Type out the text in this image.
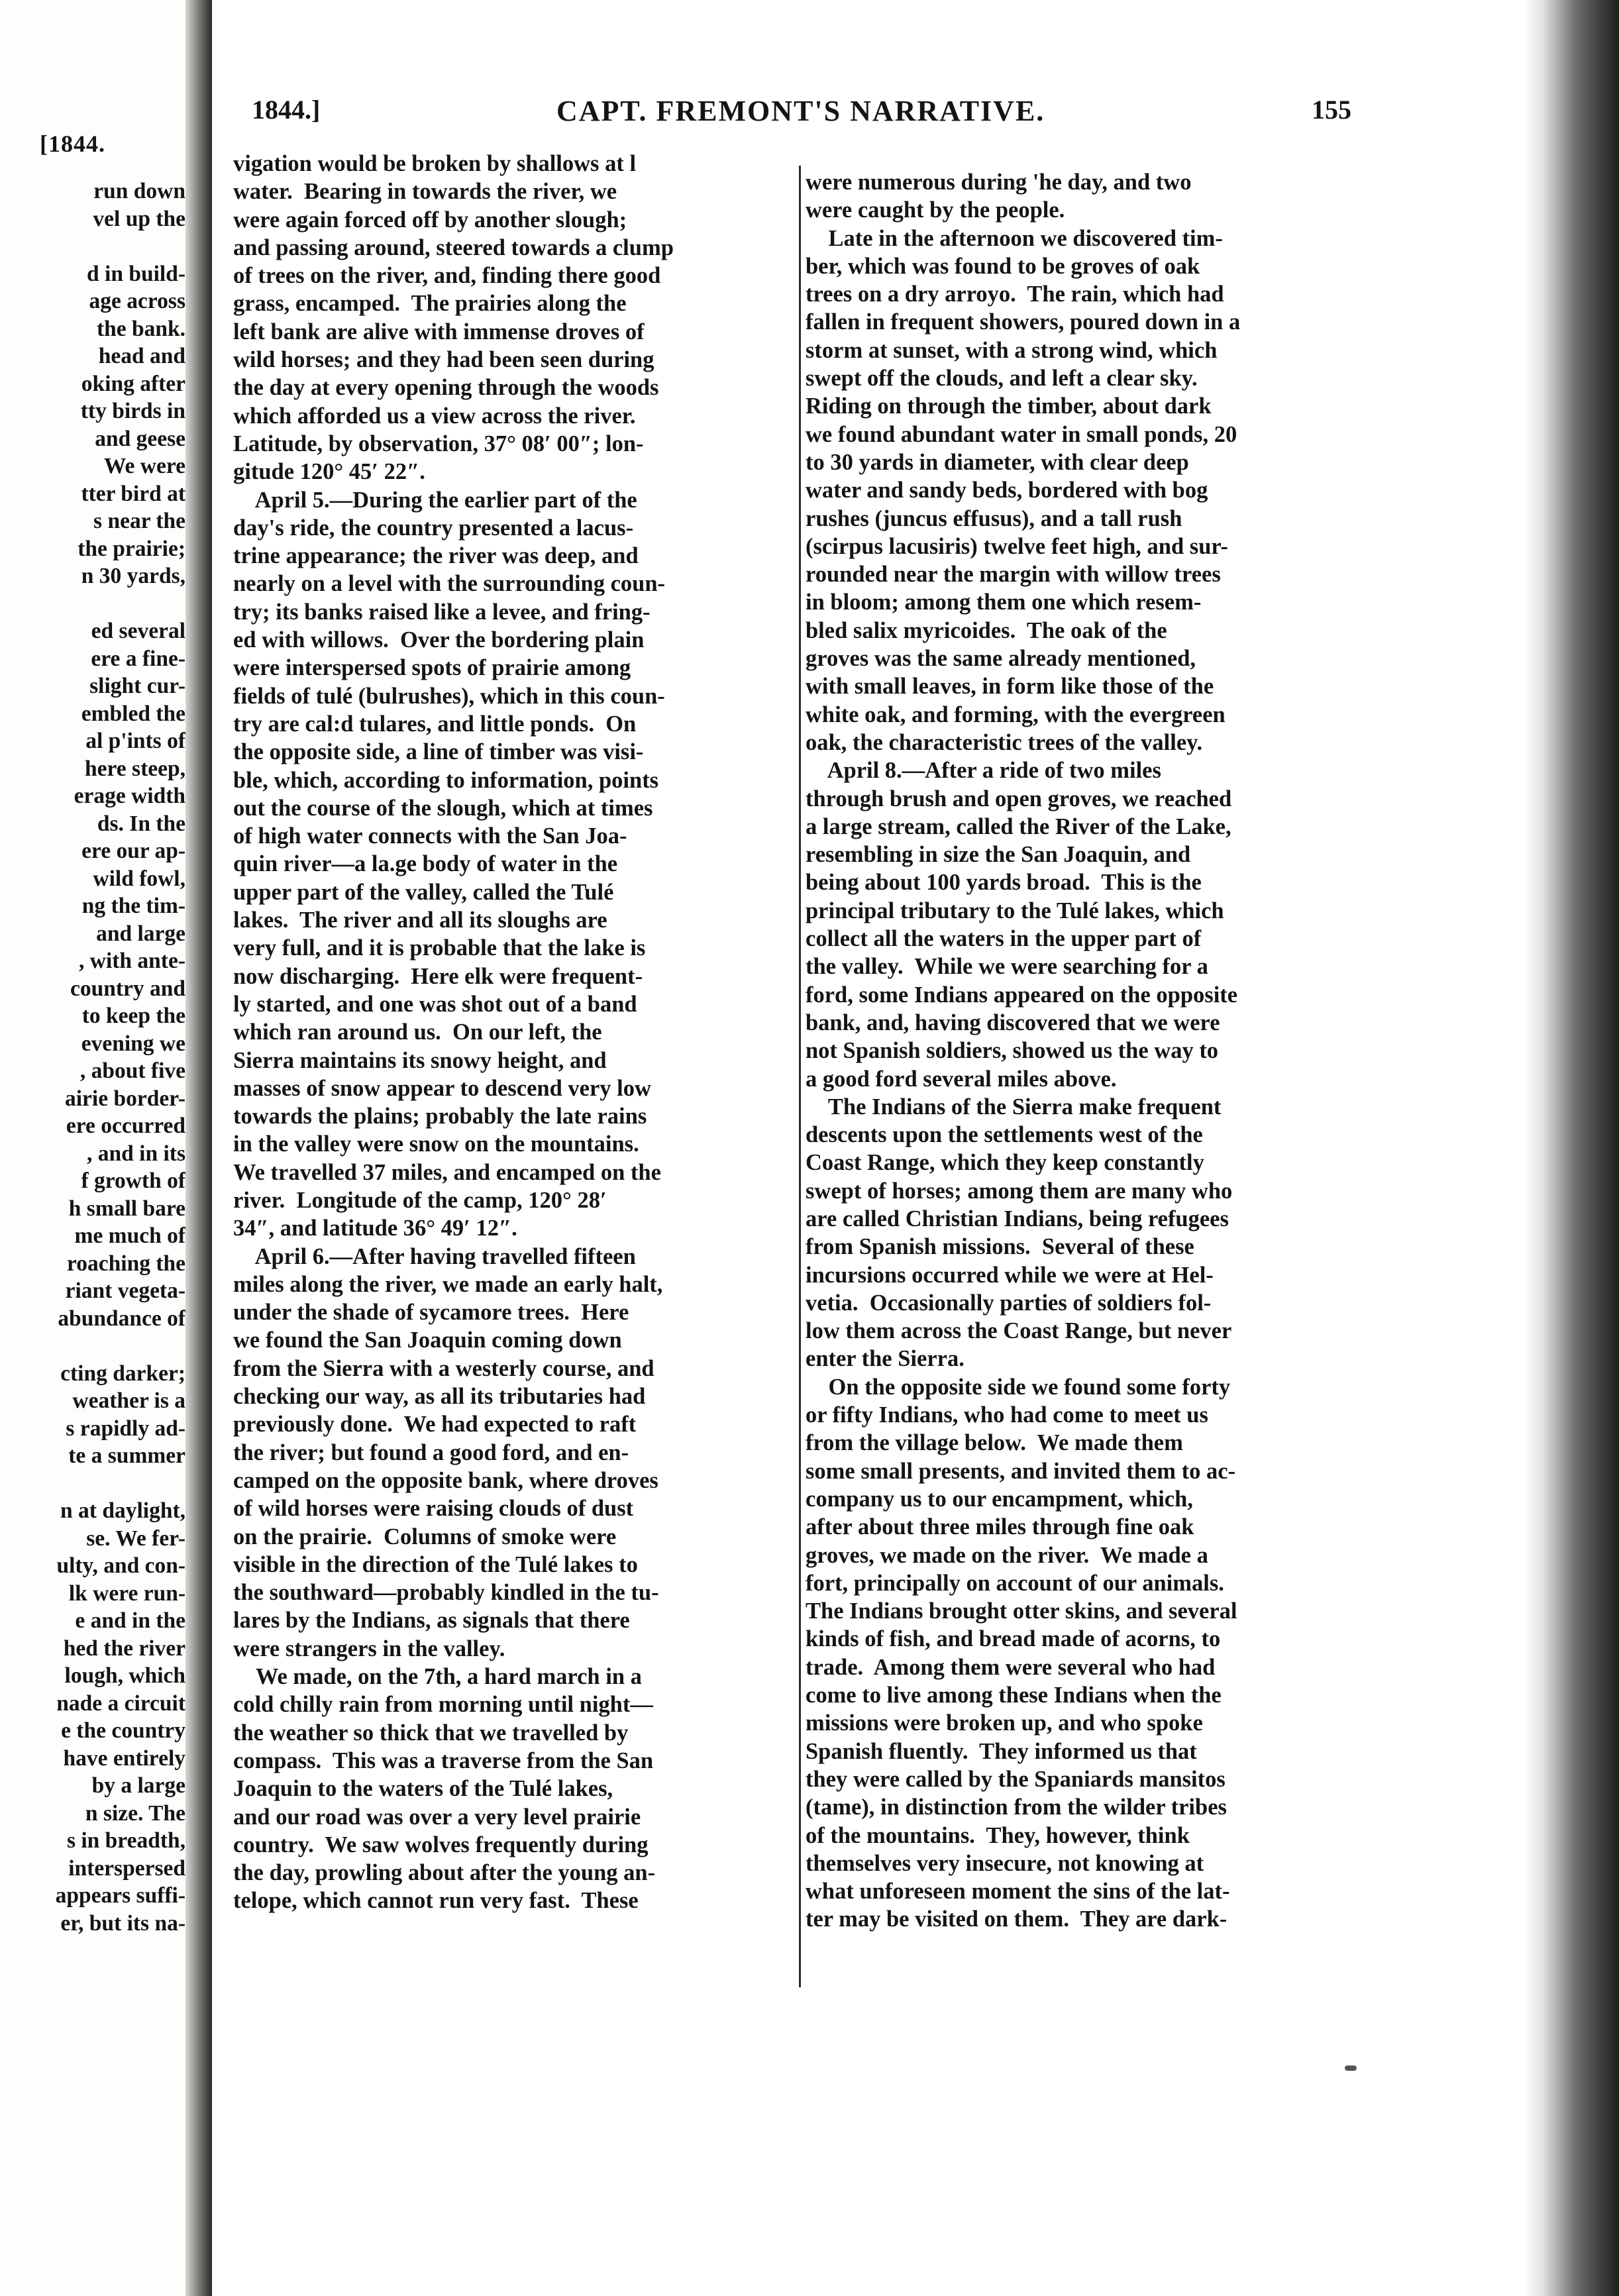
[1844.
run down
vel up the
d in build-
age across
the bank.
head and
oking after
tty birds in
and geese
We were
tter bird at
s near the
the prairie;
n 30 yards,
ed several
ere a fine-
slight cur-
embled the
al p'ints of
here steep,
erage width
ds. In the
ere our ap-
wild fowl,
ng the tim-
and large
, with ante-
country and
to keep the
evening we
, about five
airie border-
ere occurred
, and in its
f growth of
h small bare
me much of
roaching the
riant vegeta-
abundance of
cting darker;
weather is a
s rapidly ad-
te a summer
n at daylight,
se. We fer-
ulty, and con-
lk were run-
e and in the
hed the river
lough, which
nade a circuit
e the country
have entirely
by a large
n size. The
s in breadth,
interspersed
appears suffi-
er, but its na-
1844.]	CAPT. FREMONT'S NARRATIVE.	155
vigation would be broken by shallows at l
water.  Bearing in towards the river, we
were again forced off by another slough;
and passing around, steered towards a clump
of trees on the river, and, finding there good
grass, encamped.  The prairies along the
left bank are alive with immense droves of
wild horses; and they had been seen during
the day at every opening through the woods
which afforded us a view across the river.
Latitude, by observation, 37° 08′ 00″; lon-
gitude 120° 45′ 22″.
April 5.—During the earlier part of the
day's ride, the country presented a lacus-
trine appearance; the river was deep, and
nearly on a level with the surrounding coun-
try; its banks raised like a levee, and fring-
ed with willows.  Over the bordering plain
were interspersed spots of prairie among
fields of tulé (bulrushes), which in this coun-
try are cal:d tulares, and little ponds.  On
the opposite side, a line of timber was visi-
ble, which, according to information, points
out the course of the slough, which at times
of high water connects with the San Joa-
quin river—a la.ge body of water in the
upper part of the valley, called the Tulé
lakes.  The river and all its sloughs are
very full, and it is probable that the lake is
now discharging.  Here elk were frequent-
ly started, and one was shot out of a band
which ran around us.  On our left, the
Sierra maintains its snowy height, and
masses of snow appear to descend very low
towards the plains; probably the late rains
in the valley were snow on the mountains.
We travelled 37 miles, and encamped on the
river.  Longitude of the camp, 120° 28′
34″, and latitude 36° 49′ 12″.
April 6.—After having travelled fifteen
miles along the river, we made an early halt,
under the shade of sycamore trees.  Here
we found the San Joaquin coming down
from the Sierra with a westerly course, and
checking our way, as all its tributaries had
previously done.  We had expected to raft
the river; but found a good ford, and en-
camped on the opposite bank, where droves
of wild horses were raising clouds of dust
on the prairie.  Columns of smoke were
visible in the direction of the Tulé lakes to
the southward—probably kindled in the tu-
lares by the Indians, as signals that there
were strangers in the valley.
We made, on the 7th, a hard march in a
cold chilly rain from morning until night—
the weather so thick that we travelled by
compass.  This was a traverse from the San
Joaquin to the waters of the Tulé lakes,
and our road was over a very level prairie
country.  We saw wolves frequently during
the day, prowling about after the young an-
telope, which cannot run very fast.  These
were numerous during 'he day, and two
were caught by the people.
Late in the afternoon we discovered tim-
ber, which was found to be groves of oak
trees on a dry arroyo.  The rain, which had
fallen in frequent showers, poured down in a
storm at sunset, with a strong wind, which
swept off the clouds, and left a clear sky.
Riding on through the timber, about dark
we found abundant water in small ponds, 20
to 30 yards in diameter, with clear deep
water and sandy beds, bordered with bog
rushes (juncus effusus), and a tall rush
(scirpus lacusiris) twelve feet high, and sur-
rounded near the margin with willow trees
in bloom; among them one which resem-
bled salix myricoides.  The oak of the
groves was the same already mentioned,
with small leaves, in form like those of the
white oak, and forming, with the evergreen
oak, the characteristic trees of the valley.
April 8.—After a ride of two miles
through brush and open groves, we reached
a large stream, called the River of the Lake,
resembling in size the San Joaquin, and
being about 100 yards broad.  This is the
principal tributary to the Tulé lakes, which
collect all the waters in the upper part of
the valley.  While we were searching for a
ford, some Indians appeared on the opposite
bank, and, having discovered that we were
not Spanish soldiers, showed us the way to
a good ford several miles above.
The Indians of the Sierra make frequent
descents upon the settlements west of the
Coast Range, which they keep constantly
swept of horses; among them are many who
are called Christian Indians, being refugees
from Spanish missions.  Several of these
incursions occurred while we were at Hel-
vetia.  Occasionally parties of soldiers fol-
low them across the Coast Range, but never
enter the Sierra.
On the opposite side we found some forty
or fifty Indians, who had come to meet us
from the village below.  We made them
some small presents, and invited them to ac-
company us to our encampment, which,
after about three miles through fine oak
groves, we made on the river.  We made a
fort, principally on account of our animals.
The Indians brought otter skins, and several
kinds of fish, and bread made of acorns, to
trade.  Among them were several who had
come to live among these Indians when the
missions were broken up, and who spoke
Spanish fluently.  They informed us that
they were called by the Spaniards mansitos
(tame), in distinction from the wilder tribes
of the mountains.  They, however, think
themselves very insecure, not knowing at
what unforeseen moment the sins of the lat-
ter may be visited on them.  They are dark-
